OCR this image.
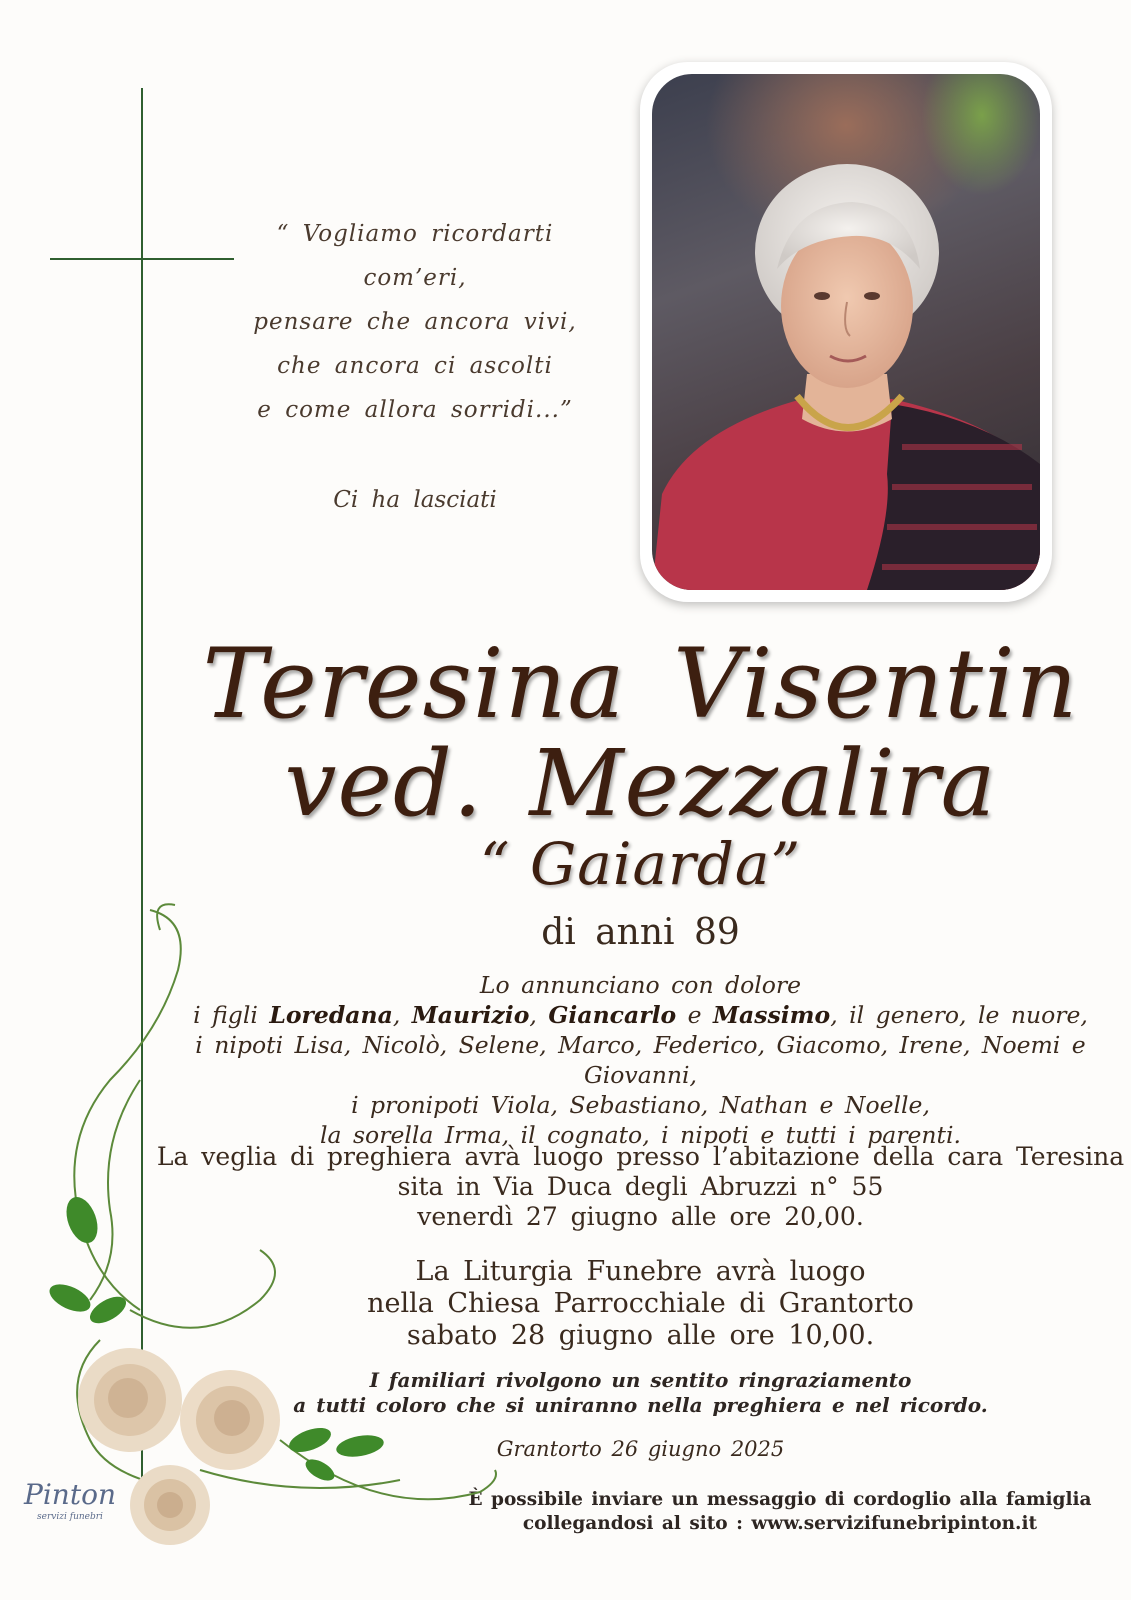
“ Vogliamo ricordarti com’eri,
pensare che ancora vivi,
che ancora ci ascolti
e come allora sorridi...”
Ci ha lasciati
Teresina Visentin
ved. Mezzalira
“ Gaiarda”
di anni 89
Lo annunciano con dolore
i figli Loredana, Maurizio, Giancarlo e Massimo, il genero, le nuore,
i nipoti Lisa, Nicolò, Selene, Marco, Federico, Giacomo, Irene, Noemi e Giovanni,
i pronipoti Viola, Sebastiano, Nathan e Noelle,
la sorella Irma, il cognato, i nipoti e tutti i parenti.
La veglia di preghiera avrà luogo presso l’abitazione della cara Teresina
sita in Via Duca degli Abruzzi n° 55
venerdì 27 giugno alle ore 20,00.
La Liturgia Funebre avrà luogo
nella Chiesa Parrocchiale di Grantorto
sabato 28 giugno alle ore 10,00.
I familiari rivolgono un sentito ringraziamento
a tutti coloro che si uniranno nella preghiera e nel ricordo.
Grantorto 26 giugno 2025
È possibile inviare un messaggio di cordoglio alla famiglia
collegandosi al sito : www.servizifunebripinton.it
Pinton
servizi funebri
